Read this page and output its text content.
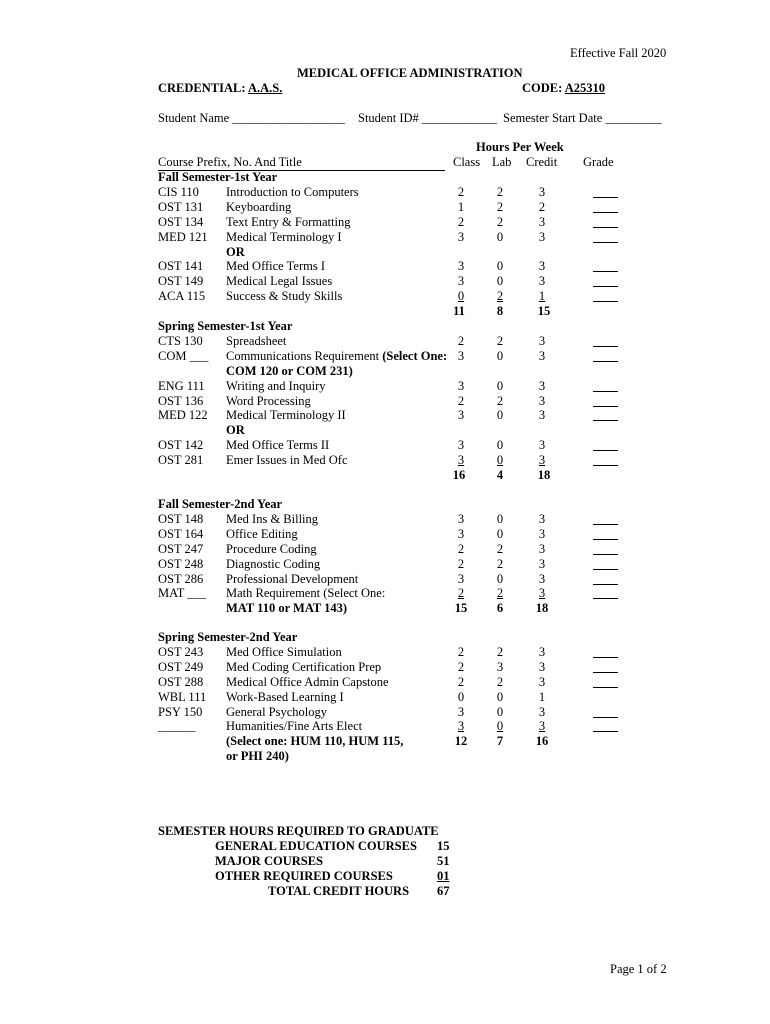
Effective Fall 2020
MEDICAL OFFICE ADMINISTRATION
CREDENTIAL: A.A.S.	CODE: A25310
Student Name __________________ Student ID# ____________ Semester Start Date _________
Hours Per Week
Course Prefix, No. And Title	Class Lab Credit Grade
Fall Semester-1st Year
CIS 110 Introduction to Computers	2	2	3
OST 131 Keyboarding	1	2	2
OST 134 Text Entry & Formatting	2	2	3
MED 121 Medical Terminology I	3	0	3
OR
OST 141 Med Office Terms I	3	0	3
OST 149 Medical Legal Issues	3	0	3
ACA 115 Success & Study Skills	0	2	1
11	8	15
Spring Semester-1st Year
CTS 130 Spreadsheet	2	2	3
COM ___ Communications Requirement (Select One: 3	0	3
COM 120 or COM 231)
ENG 111 Writing and Inquiry	3	0	3
OST 136 Word Processing	2	2	3
MED 122 Medical Terminology II	3	0	3
OR
OST 142 Med Office Terms II	3	0	3
OST 281 Emer Issues in Med Ofc	3	0	3
16	4	18
Fall Semester-2nd Year
OST 148 Med Ins & Billing	3	0	3
OST 164 Office Editing	3	0	3
OST 247 Procedure Coding	2	2	3
OST 248 Diagnostic Coding	2	2	3
OST 286 Professional Development	3	0	3
MAT ___ Math Requirement (Select One:	2	2	3
MAT 110 or MAT 143)	15	6	18
Spring Semester-2nd Year
OST 243 Med Office Simulation	2	2	3
OST 249 Med Coding Certification Prep	2	3	3
OST 288 Medical Office Admin Capstone	2	2	3
WBL 111 Work-Based Learning I	0	0	1
PSY 150 General Psychology	3	0	3
______ Humanities/Fine Arts Elect	3	0	3
(Select one: HUM 110, HUM 115,	12	7	16
or PHI 240)
SEMESTER HOURS REQUIRED TO GRADUATE
GENERAL EDUCATION COURSES 15
MAJOR COURSES	51
OTHER REQUIRED COURSES	01
TOTAL CREDIT HOURS 67
Page 1 of 2
